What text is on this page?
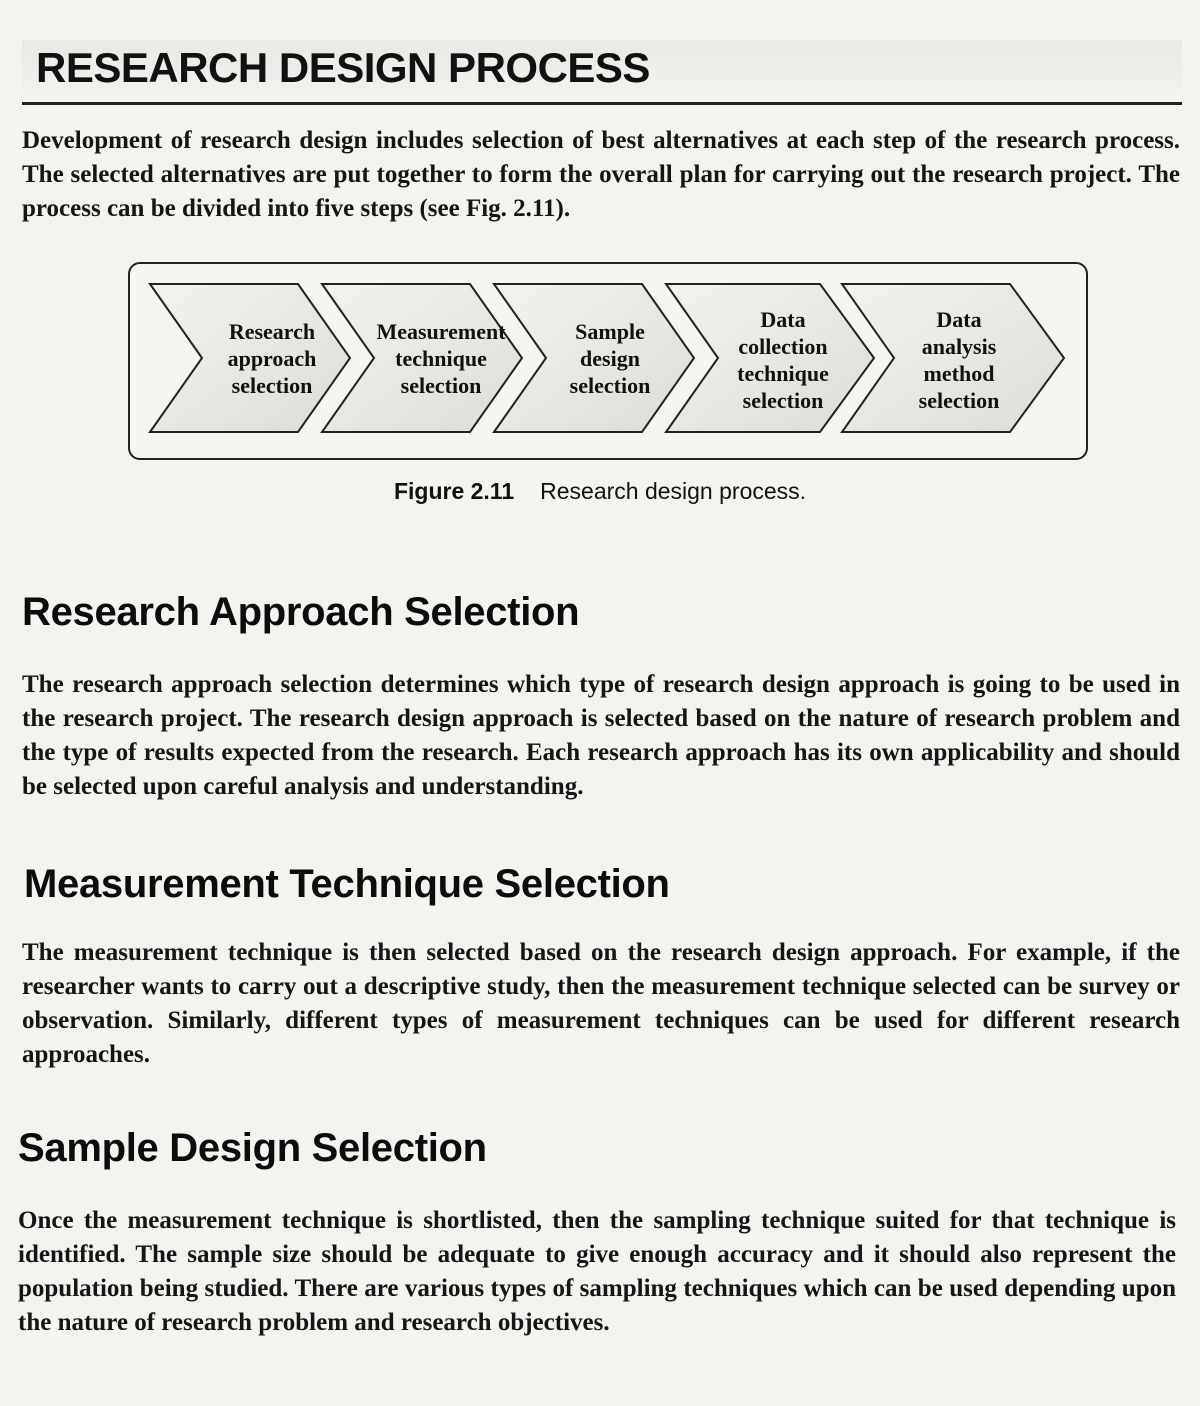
RESEARCH DESIGN PROCESS
Development of research design includes selection of best alternatives at each step of the research process. The selected alternatives are put together to form the overall plan for carrying out the research project. The process can be divided into five steps (see Fig. 2.11).
Research approach selection
Measurement technique selection
Sample design selection
Data collection technique selection
Data analysis method selection
Figure 2.11 Research design process.
Research Approach Selection
The research approach selection determines which type of research design approach is going to be used in the research project. The research design approach is selected based on the nature of research problem and the type of results expected from the research. Each research approach has its own applicability and should be selected upon careful analysis and understanding.
Measurement Technique Selection
The measurement technique is then selected based on the research design approach. For example, if the researcher wants to carry out a descriptive study, then the measurement technique selected can be survey or observation. Similarly, different types of measurement techniques can be used for different research approaches.
Sample Design Selection
Once the measurement technique is shortlisted, then the sampling technique suited for that technique is identified. The sample size should be adequate to give enough accuracy and it should also represent the population being studied. There are various types of sampling techniques which can be used depending upon the nature of research problem and research objectives.
